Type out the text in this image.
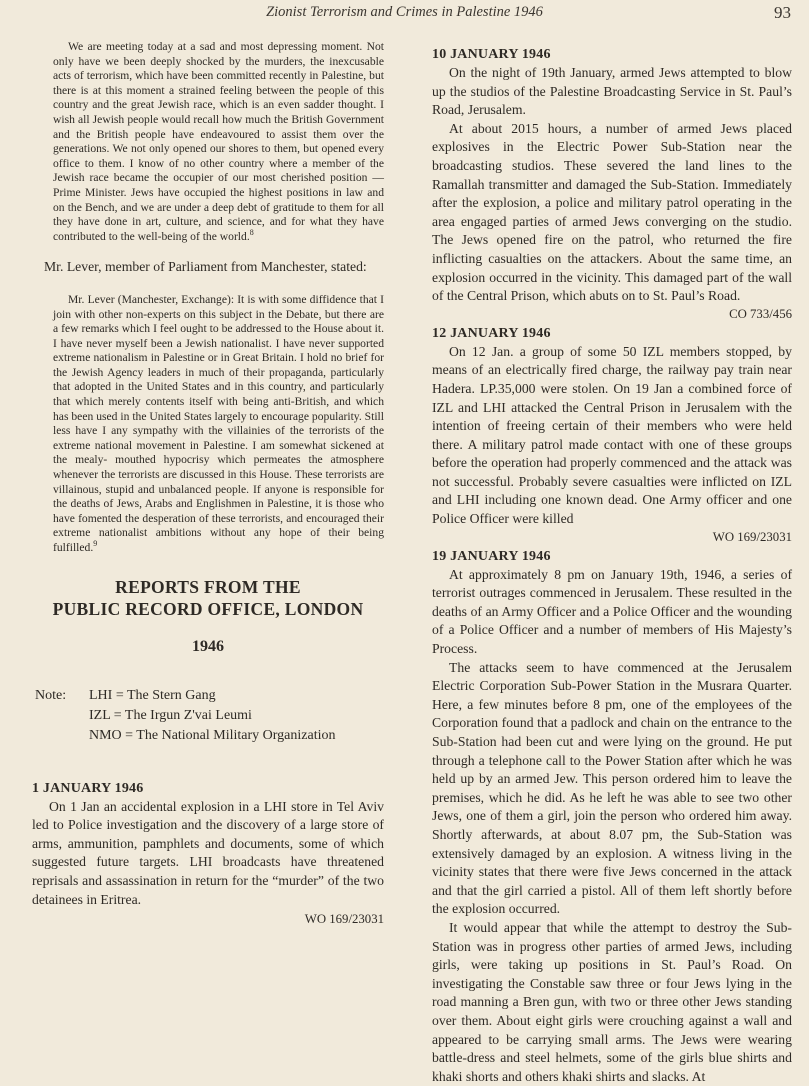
Zionist Terrorism and Crimes in Palestine 1946	93

We are meeting today at a sad and most depressing moment. Not only have we been deeply shocked by the murders, the inexcusable acts of terrorism, which have been committed recently in Palestine, but there is at this moment a strained feeling between the people of this country and the great Jewish race, which is an even sadder thought. I wish all Jewish people would recall how much the British Government and the British people have endeavoured to assist them over the generations. We not only opened our shores to them, but opened every office to them. I know of no other country where a member of the Jewish race became the occupier of our most cherished position — Prime Minister. Jews have occupied the highest positions in law and on the Bench, and we are under a deep debt of gratitude to them for all they have done in art, culture, and science, and for what they have contributed to the well-being of the world.$^8$

Mr. Lever, member of Parliament from Manchester, stated:

Mr. Lever (Manchester, Exchange): It is with some diffidence that I join with other non-experts on this subject in the Debate, but there are a few remarks which I feel ought to be addressed to the House about it. I have never myself been a Jewish nationalist. I have never supported extreme nationalism in Palestine or in Great Britain. I hold no brief for the Jewish Agency leaders in much of their propaganda, particularly that adopted in the United States and in this country, and particularly that which merely contents itself with being anti-British, and which has been used in the United States largely to encourage popularity. Still less have I any sympathy with the villainies of the terrorists of the extreme national movement in Palestine. I am somewhat sickened at the mealy- mouthed hypocrisy which permeates the atmosphere whenever the terrorists are discussed in this House. These terrorists are villainous, stupid and unbalanced people. If anyone is responsible for the deaths of Jews, Arabs and Englishmen in Palestine, it is those who have fomented the desperation of these terrorists, and encouraged their extreme nationalist ambitions without any hope of their being fulfilled.$^9$

REPORTS FROM THE
PUBLIC RECORD OFFICE, LONDON
1946
Note: LHI = The Stern Gang
IZL = The Irgun Z'vai Leumi
NMO = The National Military Organization
1 JANUARY 1946

On 1 Jan an accidental explosion in a LHI store in Tel Aviv led to Police investigation and the discovery of a large store of arms, ammunition, pamphlets and documents, some of which suggested future targets. LHI broadcasts have threatened reprisals and assassination in return for the “murder” of the two detainees in Eritrea.

WO 169/23031
10 JANUARY 1946

On the night of 19th January, armed Jews attempted to blow up the studios of the Palestine Broadcasting Service in St. Paul’s Road, Jerusalem.

At about 2015 hours, a number of armed Jews placed explosives in the Electric Power Sub-Station near the broadcasting studios. These severed the land lines to the Ramallah transmitter and damaged the Sub-Station. Immediately after the explosion, a police and military patrol operating in the area engaged parties of armed Jews converging on the studio. The Jews opened fire on the patrol, who returned the fire inflicting casualties on the attackers. About the same time, an explosion occurred in the vicinity. This damaged part of the wall of the Central Prison, which abuts on to St. Paul’s Road.

CO 733/456
12 JANUARY 1946

On 12 Jan. a group of some 50 IZL members stopped, by means of an electrically fired charge, the railway pay train near Hadera. LP.35,000 were stolen. On 19 Jan a combined force of IZL and LHI attacked the Central Prison in Jerusalem with the intention of freeing certain of their members who were held there. A military patrol made contact with one of these groups before the operation had properly commenced and the attack was not successful. Probably severe casualties were inflicted on IZL and LHI including one known dead. One Army officer and one Police Officer were killed

WO 169/23031
19 JANUARY 1946

At approximately 8 pm on January 19th, 1946, a series of terrorist outrages commenced in Jerusalem. These resulted in the deaths of an Army Officer and a Police Officer and the wounding of a Police Officer and a number of members of His Majesty’s Process.

The attacks seem to have commenced at the Jerusalem Electric Corporation Sub-Power Station in the Musrara Quarter. Here, a few minutes before 8 pm, one of the employees of the Corporation found that a padlock and chain on the entrance to the Sub-Station had been cut and were lying on the ground. He put through a telephone call to the Power Station after which he was held up by an armed Jew. This person ordered him to leave the premises, which he did. As he left he was able to see two other Jews, one of them a girl, join the person who ordered him away. Shortly afterwards, at about 8.07 pm, the Sub-Station was extensively damaged by an explosion. A witness living in the vicinity states that there were five Jews concerned in the attack and that the girl carried a pistol. All of them left shortly before the explosion occurred.

It would appear that while the attempt to destroy the Sub-Station was in progress other parties of armed Jews, including girls, were taking up positions in St. Paul’s Road. On investigating the Constable saw three or four Jews lying in the road manning a Bren gun, with two or three other Jews standing over them. About eight girls were crouching against a wall and appeared to be carrying small arms. The Jews were wearing battle-dress and steel helmets, some of the girls blue shirts and khaki shorts and others khaki shirts and slacks. At
